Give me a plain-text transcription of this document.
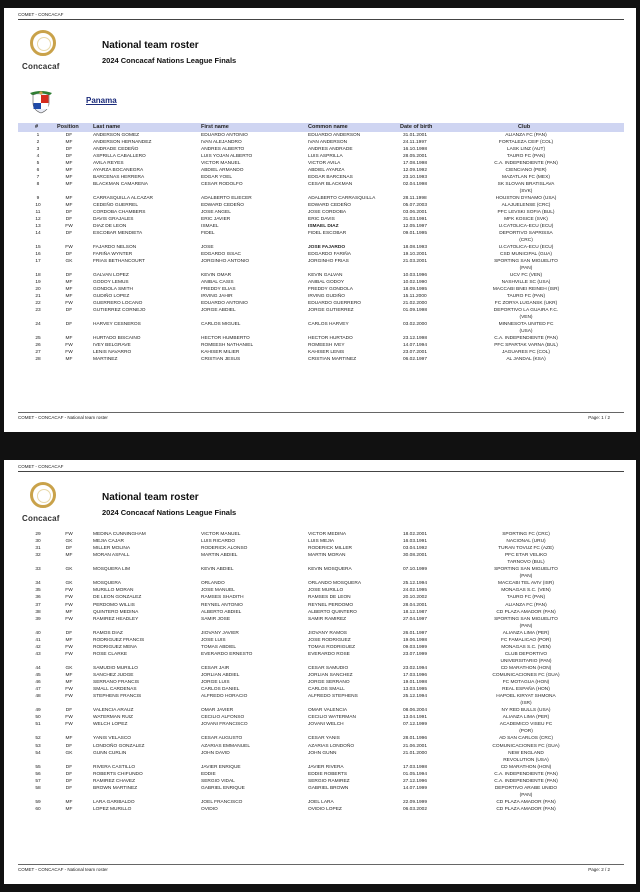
COMET - CONCACAF
Concacaf
National team roster
2024 Concacaf Nations League Finals
Panama
#	Position	Last name	First name	Common name	Date of birth	Club
1	DF	ANDERSON GOMEZ	EDUARDO ANTONIO	EDUARDO ANDERSON	31.01.2001	ALIANZA FC (PAN)
2	MF	ANDERSON HERNANDEZ	IVAN ALEJANDRO	IVAN ANDERSON	24.11.1997	FORTALEZA CEIF (COL)
3	DF	ANDRADE CEDEÑO	ANDRES ALBERTO	ANDRES ANDRADE	16.10.1998	LASK LINZ (AUT)
4	DF	ASPRILLA CABALLERO	LUIS YOJAN ALBERTO	LUIS ASPRILLA	28.05.2001	TAURO FC (PAN)
5	MF	AVILA REYES	VICTOR MANUEL	VICTOR AVILA	17.08.1998	C.A. INDEPENDIENTE (PAN)
6	MF	AYARZA BOCANEGRA	ABDIEL ARMANDO	ABDIEL AYARZA	12.09.1992	CIENCIANO (PER)
7	MF	BARCENAS HERRERA	EDGAR YOEL	EDGAR BARCENAS	23.10.1993	MAZATLAN FC (MEX)
8	MF	BLACKMAN CAMARENA	CESAR RODOLFO	CESAR BLACKMAN	02.04.1998	SK SLOVAN BRATISLAVA
(SVK)
9	MF	CARRASQUILLA ALCAZAR	ADALBERTO ELIECER	ADALBERTO CARRASQUILLA	28.11.1998	HOUSTON DYNAMO (USA)
10	MF	CEDEÑO GUERREL	EDWARD CEDEÑO	EDWARD CEDEÑO	05.07.2003	ALAJUELENSE (CRC)
11	DF	CORDOBA CHAMBERS	JOSE ANGEL	JOSE CORDOBA	03.06.2001	PFC LEVSKI SOFIA (BUL)
12	DF	DAVIS GRAJALES	ERIC JAVIER	ERIC DAVIS	31.03.1991	MFK KOSICE (SVK)
13	FW	DIAZ DE LEON	ISMAEL	ISMAEL DIAZ	12.05.1997	U.CATOLICA-ECU (ECU)
14	DF	ESCOBAR MENDIETA	FIDEL	FIDEL ESCOBAR	09.01.1995	DEPORTIVO SAPRISSA
(CRC)
15	FW	FAJARDO NELSON	JOSE	JOSE FAJARDO	18.08.1993	U.CATOLICA-ECU (ECU)
16	DF	FARIÑA WYNTER	EDGARDO ISSAC	EDGARDO FARIÑA	19.10.2001	CSD MUNICIPAL (GUA)
17	GK	FRIAS BETHANCOURT	JORGINHO ANTONIO	JORGINHO FRIAS	21.03.2001	SPORTING SAN MIGUELITO
(PAN)
18	DF	GALVAN LOPEZ	KEVIN OMAR	KEVIN GALVAN	10.03.1996	UCV FC (VEN)
19	MF	GODOY LEMUS	ANIBAL CASIS	ANIBAL GODOY	10.02.1990	NASHVILLE SC (USA)
20	MF	GONDOLA SMITH	FREDDY ELIAS	FREDDY GONDOLA	18.09.1995	MACCABI BNEI REINEH (ISR)
21	MF	GUDIÑO LOPEZ	IRVING JAHIR	IRVING GUDIÑO	15.11.2000	TAURO FC (PAN)
22	FW	GUERRERO LOCANO	EDUARDO ANTONIO	EDUARDO GUERRERO	21.02.2000	FC ZORYA LUGANSK (UKR)
23	DF	GUTIERREZ CORNEJO	JORGE ABDIEL	JORGE GUTIERREZ	01.09.1998	DEPORTIVO LA GUAIRA F.C.
(VEN)
24	DF	HARVEY CESNEROS	CARLOS MIGUEL	CARLOS HARVEY	03.02.2000	MINNESOTA UNITED FC
(USA)
25	MF	HURTADO BISCAINO	HECTOR HUMBERTO	HECTOR HURTADO	23.12.1998	C.A. INDEPENDIENTE (PAN)
26	FW	IVEY BELGRAVE	ROMEESH NATHANIEL	ROMEESH IVEY	14.07.1994	PFC SPARTAK VARNA (BUL)
27	FW	LENIS NAVARRO	KAHISER MILIER	KAHISER LENIS	23.07.2001	JAGUARES FC (COL)
28	MF	MARTINEZ	CRISTIAN JESUS	CRISTIAN MARTINEZ	06.02.1997	AL JANDAL (KSA)
COMET - CONCACAF - National team roster	Page: 1 / 2
COMET - CONCACAF
Concacaf
National team roster
2024 Concacaf Nations League Finals
29	FW	MEDINA CUNNINGHAM	VICTOR MANUEL	VICTOR MEDINA	18.02.2001	SPORTING FC (CRC)
30	GK	MEJIA CAJAR	LUIS RICARDO	LUIS MEJIA	16.03.1991	NACIONAL (URU)
31	DF	MILLER MOLINA	RODERICK ALONSO	RODERICK MILLER	03.04.1992	TURAN TOVUZ FC (AZE)
32	MF	MORAN ASFALL	MARTIN ABDIEL	MARTIN MORAN	30.08.2001	PFC ETAR VELIKO
TARNOVO (BUL)
33	GK	MOSQUERA LIM	KEVIN ABDIEL	KEVIN MOSQUERA	07.10.1999	SPORTING SAN MIGUELITO
(PAN)
34	GK	MOSQUERA	ORLANDO	ORLANDO MOSQUERA	25.12.1994	MACCABI TEL AVIV (ISR)
35	FW	MURILLO MORAN	JOSE MANUEL	JOSE MURILLO	24.02.1995	MONAGAS S.C. (VEN)
36	FW	DE LEON GONZALEZ	RAMSES SHADITH	RAMSES DE LEON	20.10.2002	TAURO FC (PAN)
37	FW	PERDOMO WILLIS	REYNEL ANTONIO	REYNEL PERDOMO	28.04.2001	ALIANZA FC (PAN)
38	MF	QUINTERO MEDINA	ALBERTO ABDIEL	ALBERTO QUINTERO	18.12.1987	CD PLAZA AMADOR (PAN)
39	FW	RAMIREZ HEADLEY	SAMIR JOSE	SAMIR RAMIREZ	27.04.1997	SPORTING SAN MIGUELITO
(PAN)
40	DF	RAMOS DIAZ	JIOVANY JAVIER	JIOVANY RAMOS	26.01.1997	ALIANZA LIMA (PER)
41	MF	RODRIGUEZ FRANCIS	JOSE LUIS	JOSE RODRIGUEZ	19.06.1998	FC FAMALICAO (POR)
42	FW	RODRIGUEZ MENA	TOMAS ABDIEL	TOMAS RODRIGUEZ	09.03.1999	MONAGAS S.C. (VEN)
43	FW	ROSE CLARKE	EVERARDO ERNESTO	EVERARDO ROSE	23.07.1999	CLUB DEPORTIVO
UNIVERSITARIO (PAN)
44	GK	SAMUDIO MURILLO	CESAR JAIR	CESAR SAMUDIO	23.02.1994	CD MARATHON (HON)
45	MF	SANCHEZ JUDGE	JORLIAN ABDIEL	JORLIAN SANCHEZ	17.03.1996	COMUNICACIONES FC (GUA)
46	MF	SERRANO FRANCIS	JORGE LUIS	JORGE SERRANO	19.01.1998	FC MOTAGUA (HON)
47	FW	SMALL CARDENAS	CARLOS DANIEL	CARLOS SMALL	13.03.1995	REAL ESPAÑA (HON)
48	FW	STEPHENS FRANCIS	ALFREDO HORACIO	ALFREDO STEPHENS	25.12.1994	HAPOEL KIRYAT SHMONA
(ISR)
49	DF	VALENCIA ARAUZ	OMAR JAVIER	OMAR VALENCIA	08.06.2004	NY RED BULLS (USA)
50	FW	WATERMAN RUIZ	CECILIO ALFONSO	CECILIO WATERMAN	13.04.1991	ALIANZA LIMA (PER)
51	FW	WELCH LOPEZ	JOVANI FRANCISCO	JOVANI WELCH	07.12.1999	ACADEMICO VISEU FC
(POR)
52	MF	YANIS VELASCO	CESAR AUGUSTO	CESAR YANIS	28.01.1996	AD SAN CARLOS (CRC)
53	DF	LONDOÑO GONZALEZ	AZARIAS EMMANUEL	AZARIAS LONDOÑO	21.06.2001	COMUNICACIONES FC (GUA)
54	GK	GUNN CURLIN	JOHN DAVID	JOHN GUNN	21.01.2000	NEW ENGLAND
REVOLUTION (USA)
55	DF	RIVERA CASTILLO	JAVIER ENRIQUE	JAVIER RIVERA	17.03.1998	CD MARATHON (HON)
56	DF	ROBERTS CHIFUNDO	EDDIE	EDDIE ROBERTS	01.05.1994	C.A. INDEPENDIENTE (PAN)
57	DF	RAMIREZ CHAVEZ	SERGIO VIDAL	SERGIO RAMIREZ	27.12.1996	C.A. INDEPENDIENTE (PAN)
58	DF	BROWN MARTINEZ	GABRIEL ENRIQUE	GABRIEL BROWN	14.07.1999	DEPORTIVO ARABE UNIDO
(PAN)
59	MF	LARA GARIBALDO	JOEL FRANCISCO	JOEL LARA	22.09.1999	CD PLAZA AMADOR (PAN)
60	MF	LOPEZ MURILLO	OVIDIO	OVIDIO LOPEZ	06.03.2002	CD PLAZA AMADOR (PAN)
COMET - CONCACAF - National team roster	Page: 2 / 2
